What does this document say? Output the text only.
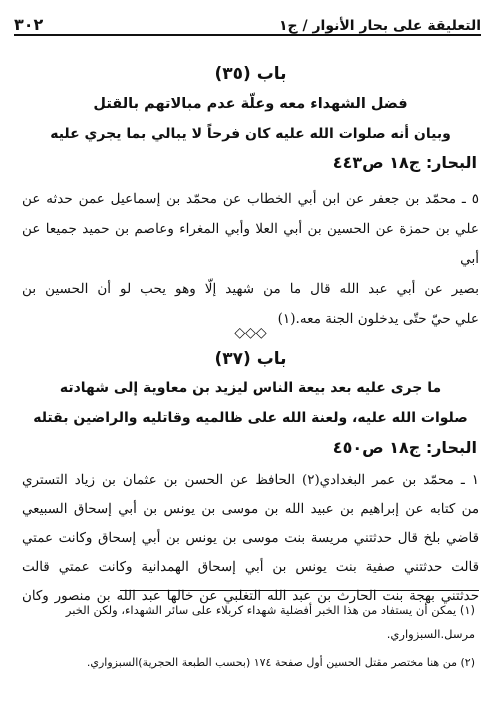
التعليقة على بحار الأنوار / ج١
٣٠٢
باب (٣٥)
فضل الشهداء معه وعلّة عدم مبالاتهم بالقتل
وبيان أنه صلوات الله عليه كان فرحاً لا يبالي بما يجري عليه
البحار: ج١٨ ص٤٤٣
٥ ـ محمّد بن جعفر عن ابن أبي الخطاب عن محمّد بن إسماعيل عمن حدثه عن
علي بن حمزة عن الحسين بن أبي العلا وأبي المغراء وعاصم بن حميد جميعا عن أبي
بصير عن أبي عبد الله قال ما من شهيد إلّا وهو يحب لو أن الحسين بن
علي حيّ حتّى يدخلون الجنة معه.(١)
◇◇◇
باب (٣٧)
ما جرى عليه بعد بيعة الناس ليزيد بن معاوية إلى شهادته
صلوات الله عليه، ولعنة الله على ظالميه وقاتليه والراضين بقتله
البحار: ج١٨ ص٤٥٠
١ ـ محمّد بن عمر البغدادي(٢) الحافظ عن الحسن بن عثمان بن زياد التستري
من كتابه عن إبراهيم بن عبيد الله بن موسى بن يونس بن أبي إسحاق السبيعي
قاضي بلخ قال حدثتني مريسة بنت موسى بن يونس بن أبي إسحاق وكانت عمتي
قالت حدثتني صفية بنت يونس بن أبي إسحاق الهمدانية وكانت عمتي قالت
حدثتني بهجة بنت الحارث بن عبد الله التغلبي عن خالها عبد الله بن منصور وكان
(١) يمكن أن يستفاد من هذا الخبر أفضلية شهداء كربلاء على سائر الشهداء، ولكن الخبر
مرسل.السبزواري.
(٢) من هنا مختصر مقتل الحسين أول صفحة ١٧٤ (بحسب الطبعة الحجرية)السبزواري.
